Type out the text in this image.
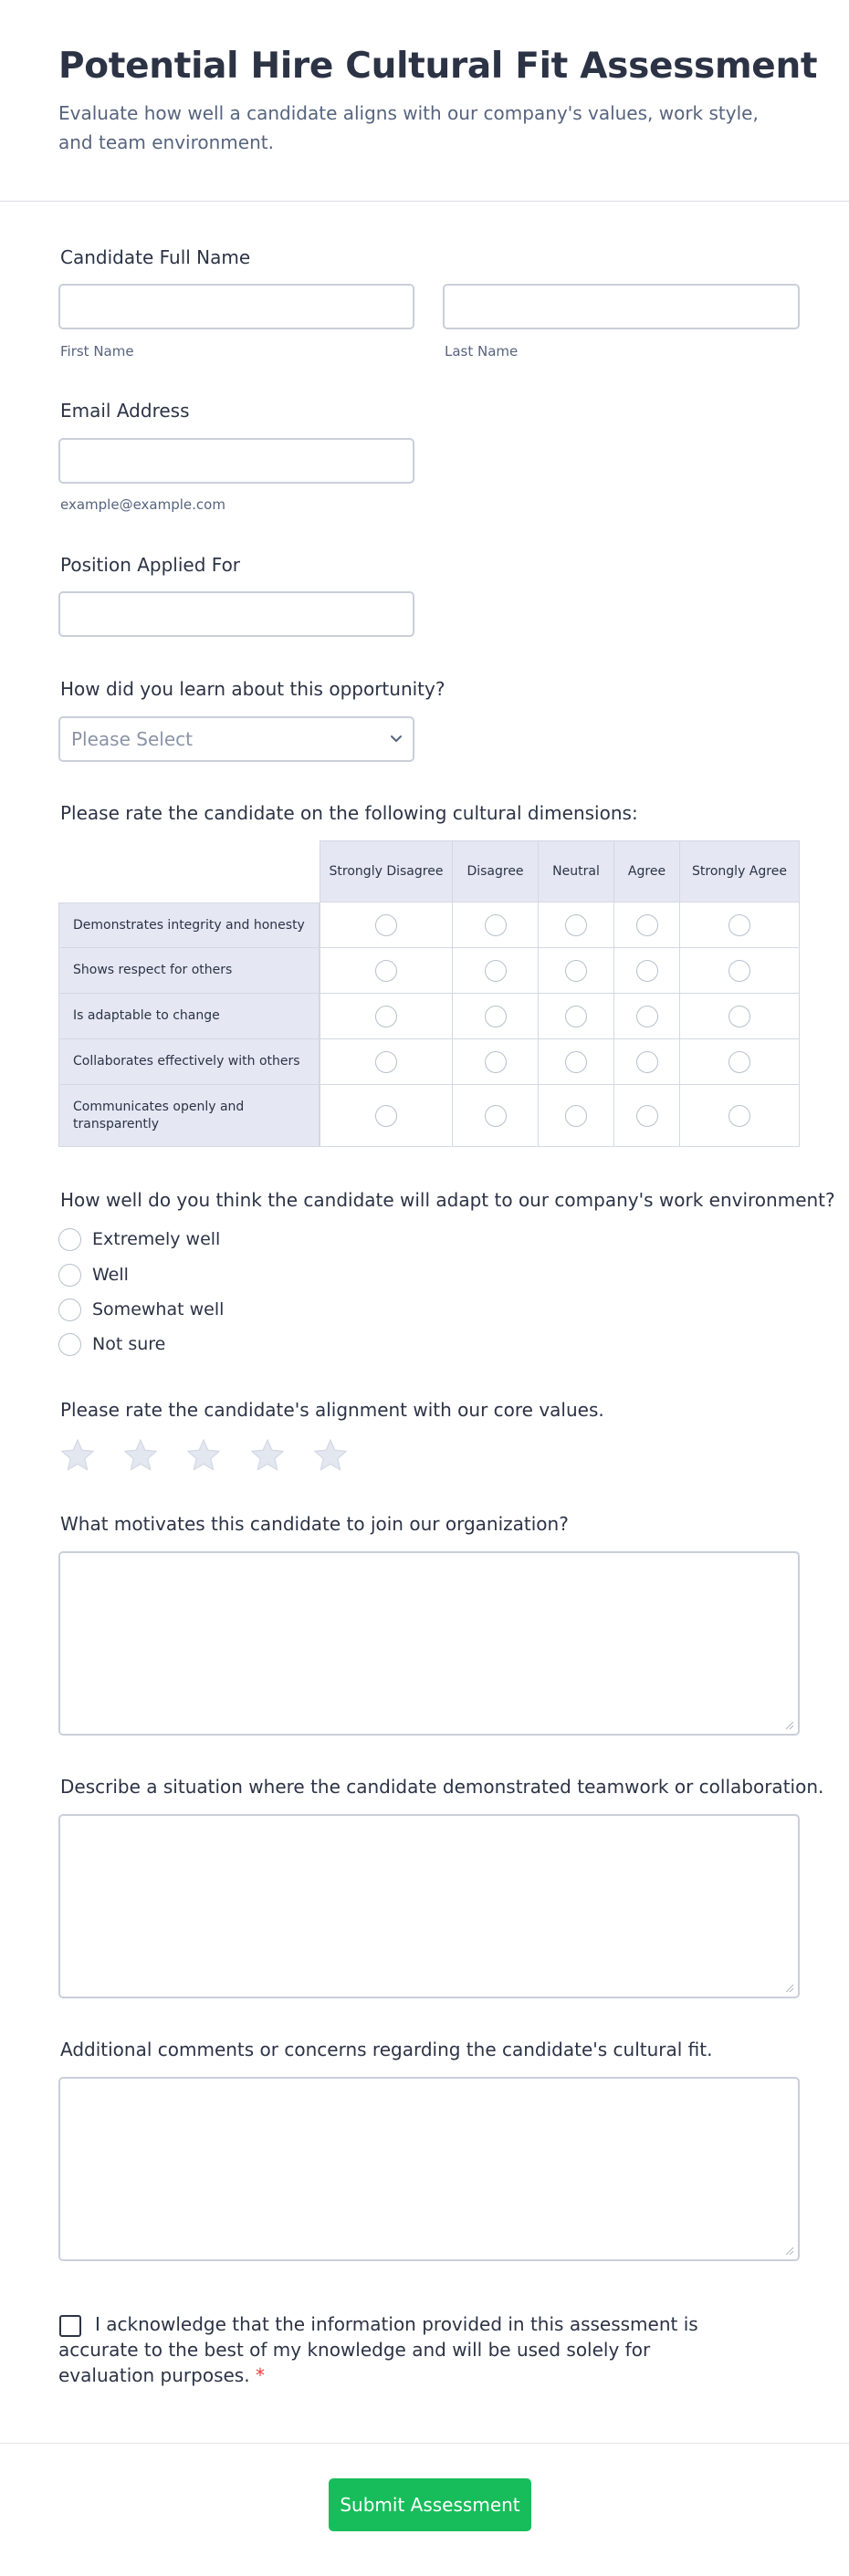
Potential Hire Cultural Fit Assessment
Evaluate how well a candidate aligns with our company's values, work style, and team environment.
Candidate Full Name
First Name	Last Name
Email Address
example@example.com
Position Applied For
How did you learn about this opportunity?
Please Select
Please rate the candidate on the following cultural dimensions:
Strongly Disagree	Disagree	Neutral	Agree	Strongly Agree
Demonstrates integrity and honesty
Shows respect for others
Is adaptable to change
Collaborates effectively with others
Communicates openly and transparently
How well do you think the candidate will adapt to our company's work environment?
Extremely well
Well
Somewhat well
Not sure
Please rate the candidate's alignment with our core values.
What motivates this candidate to join our organization?
Describe a situation where the candidate demonstrated teamwork or collaboration.
Additional comments or concerns regarding the candidate's cultural fit.
I acknowledge that the information provided in this assessment is accurate to the best of my knowledge and will be used solely for evaluation purposes. *
Submit Assessment
